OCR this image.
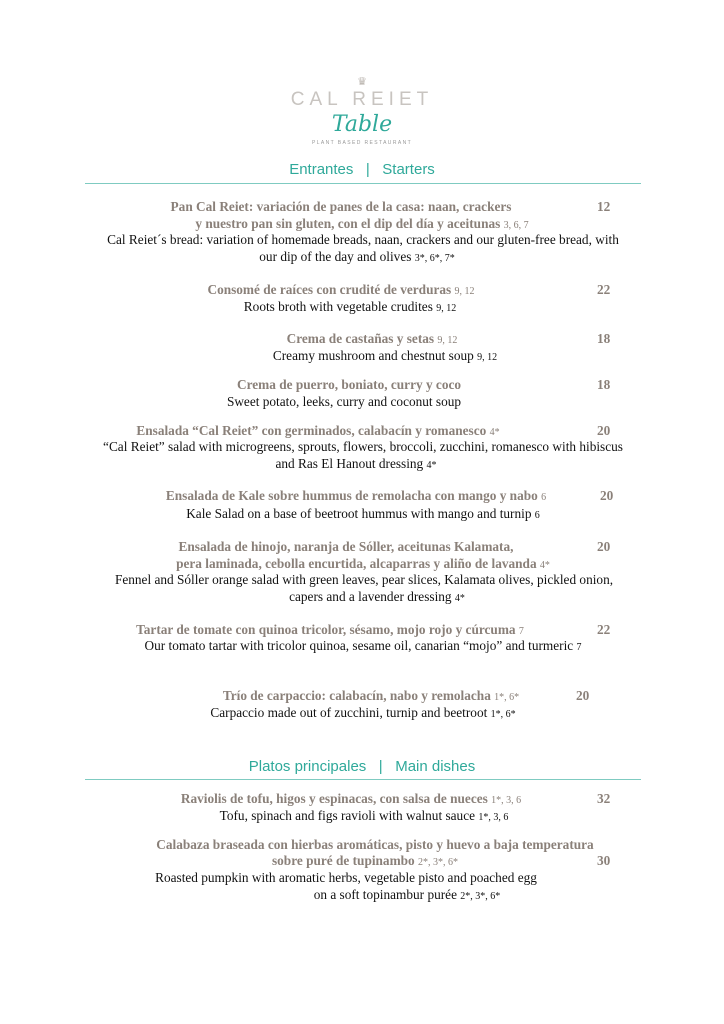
♛
CAL REIET
Table
PLANT BASED RESTAURANT
Entrantes   |   Starters
Pan Cal Reiet: variación de panes de la casa: naan, crackers
y nuestro pan sin gluten, con el dip del día y aceitunas 3, 6, 7
Cal Reiet´s bread: variation of homemade breads, naan, crackers and our gluten-free bread, with
our dip of the day and olives 3*, 6*, 7*
12
Consomé de raíces con crudité de verduras 9, 12
Roots broth with vegetable crudites 9, 12
22
Crema de castañas y setas 9, 12
Creamy mushroom and chestnut soup 9, 12
18
Crema de puerro, boniato, curry y coco
Sweet potato, leeks, curry and coconut soup
18
Ensalada “Cal Reiet” con germinados, calabacín y romanesco 4*
“Cal Reiet” salad with microgreens, sprouts, flowers, broccoli, zucchini, romanesco with hibiscus
and Ras El Hanout dressing 4*
20
Ensalada de Kale sobre hummus de remolacha con mango y nabo 6
Kale Salad on a base of beetroot hummus with mango and turnip 6
20
Ensalada de hinojo, naranja de Sóller, aceitunas Kalamata,
pera laminada, cebolla encurtida, alcaparras y aliño de lavanda 4*
Fennel and Sóller orange salad with green leaves, pear slices, Kalamata olives, pickled onion,
capers and a lavender dressing 4*
20
Tartar de tomate con quinoa tricolor, sésamo, mojo rojo y cúrcuma 7
Our tomato tartar with tricolor quinoa, sesame oil, canarian “mojo” and turmeric 7
22
Trío de carpaccio: calabacín, nabo y remolacha 1*, 6*
Carpaccio made out of zucchini, turnip and beetroot 1*, 6*
20
Platos principales   |   Main dishes
Raviolis de tofu, higos y espinacas, con salsa de nueces 1*, 3, 6
Tofu, spinach and figs ravioli with walnut sauce 1*, 3, 6
32
Calabaza braseada con hierbas aromáticas, pisto y huevo a baja temperatura
sobre puré de tupinambo 2*, 3*, 6*
Roasted pumpkin with aromatic herbs, vegetable pisto and poached egg
on a soft topinambur purée 2*, 3*, 6*
30
